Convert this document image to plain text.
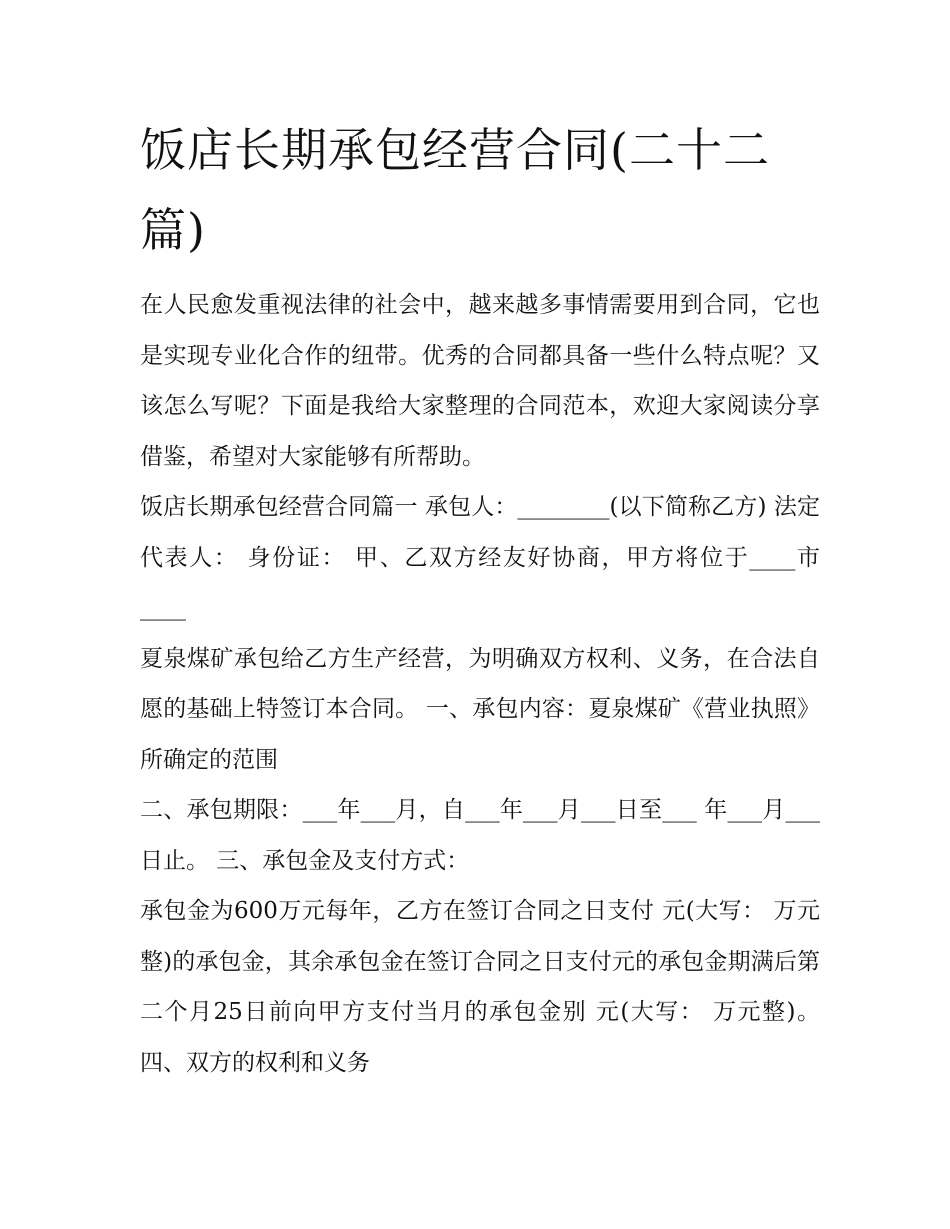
饭店长期承包经营合同(二十二篇)

在人民愈发重视法律的社会中，越来越多事情需要用到合同，它也是实现专业化合作的纽带。优秀的合同都具备一些什么特点呢？又该怎么写呢？下面是我给大家整理的合同范本，欢迎大家阅读分享借鉴，希望对大家能够有所帮助。

饭店长期承包经营合同篇一 承包人：________(以下简称乙方) 法定代表人： 身份证： 甲、乙双方经友好协商，甲方将位于____市 ____

夏泉煤矿承包给乙方生产经营，为明确双方权利、义务，在合法自愿的基础上特签订本合同。 一、承包内容：夏泉煤矿《营业执照》所确定的范围

二、承包期限：___年___月，自___年___月___日至___ 年___月___日止。 三、承包金及支付方式：

承包金为600万元每年，乙方在签订合同之日支付 元(大写： 万元整)的承包金，其余承包金在签订合同之日支付元的承包金期满后第二个月25日前向甲方支付当月的承包金别 元(大写： 万元整)。 四、双方的权利和义务
